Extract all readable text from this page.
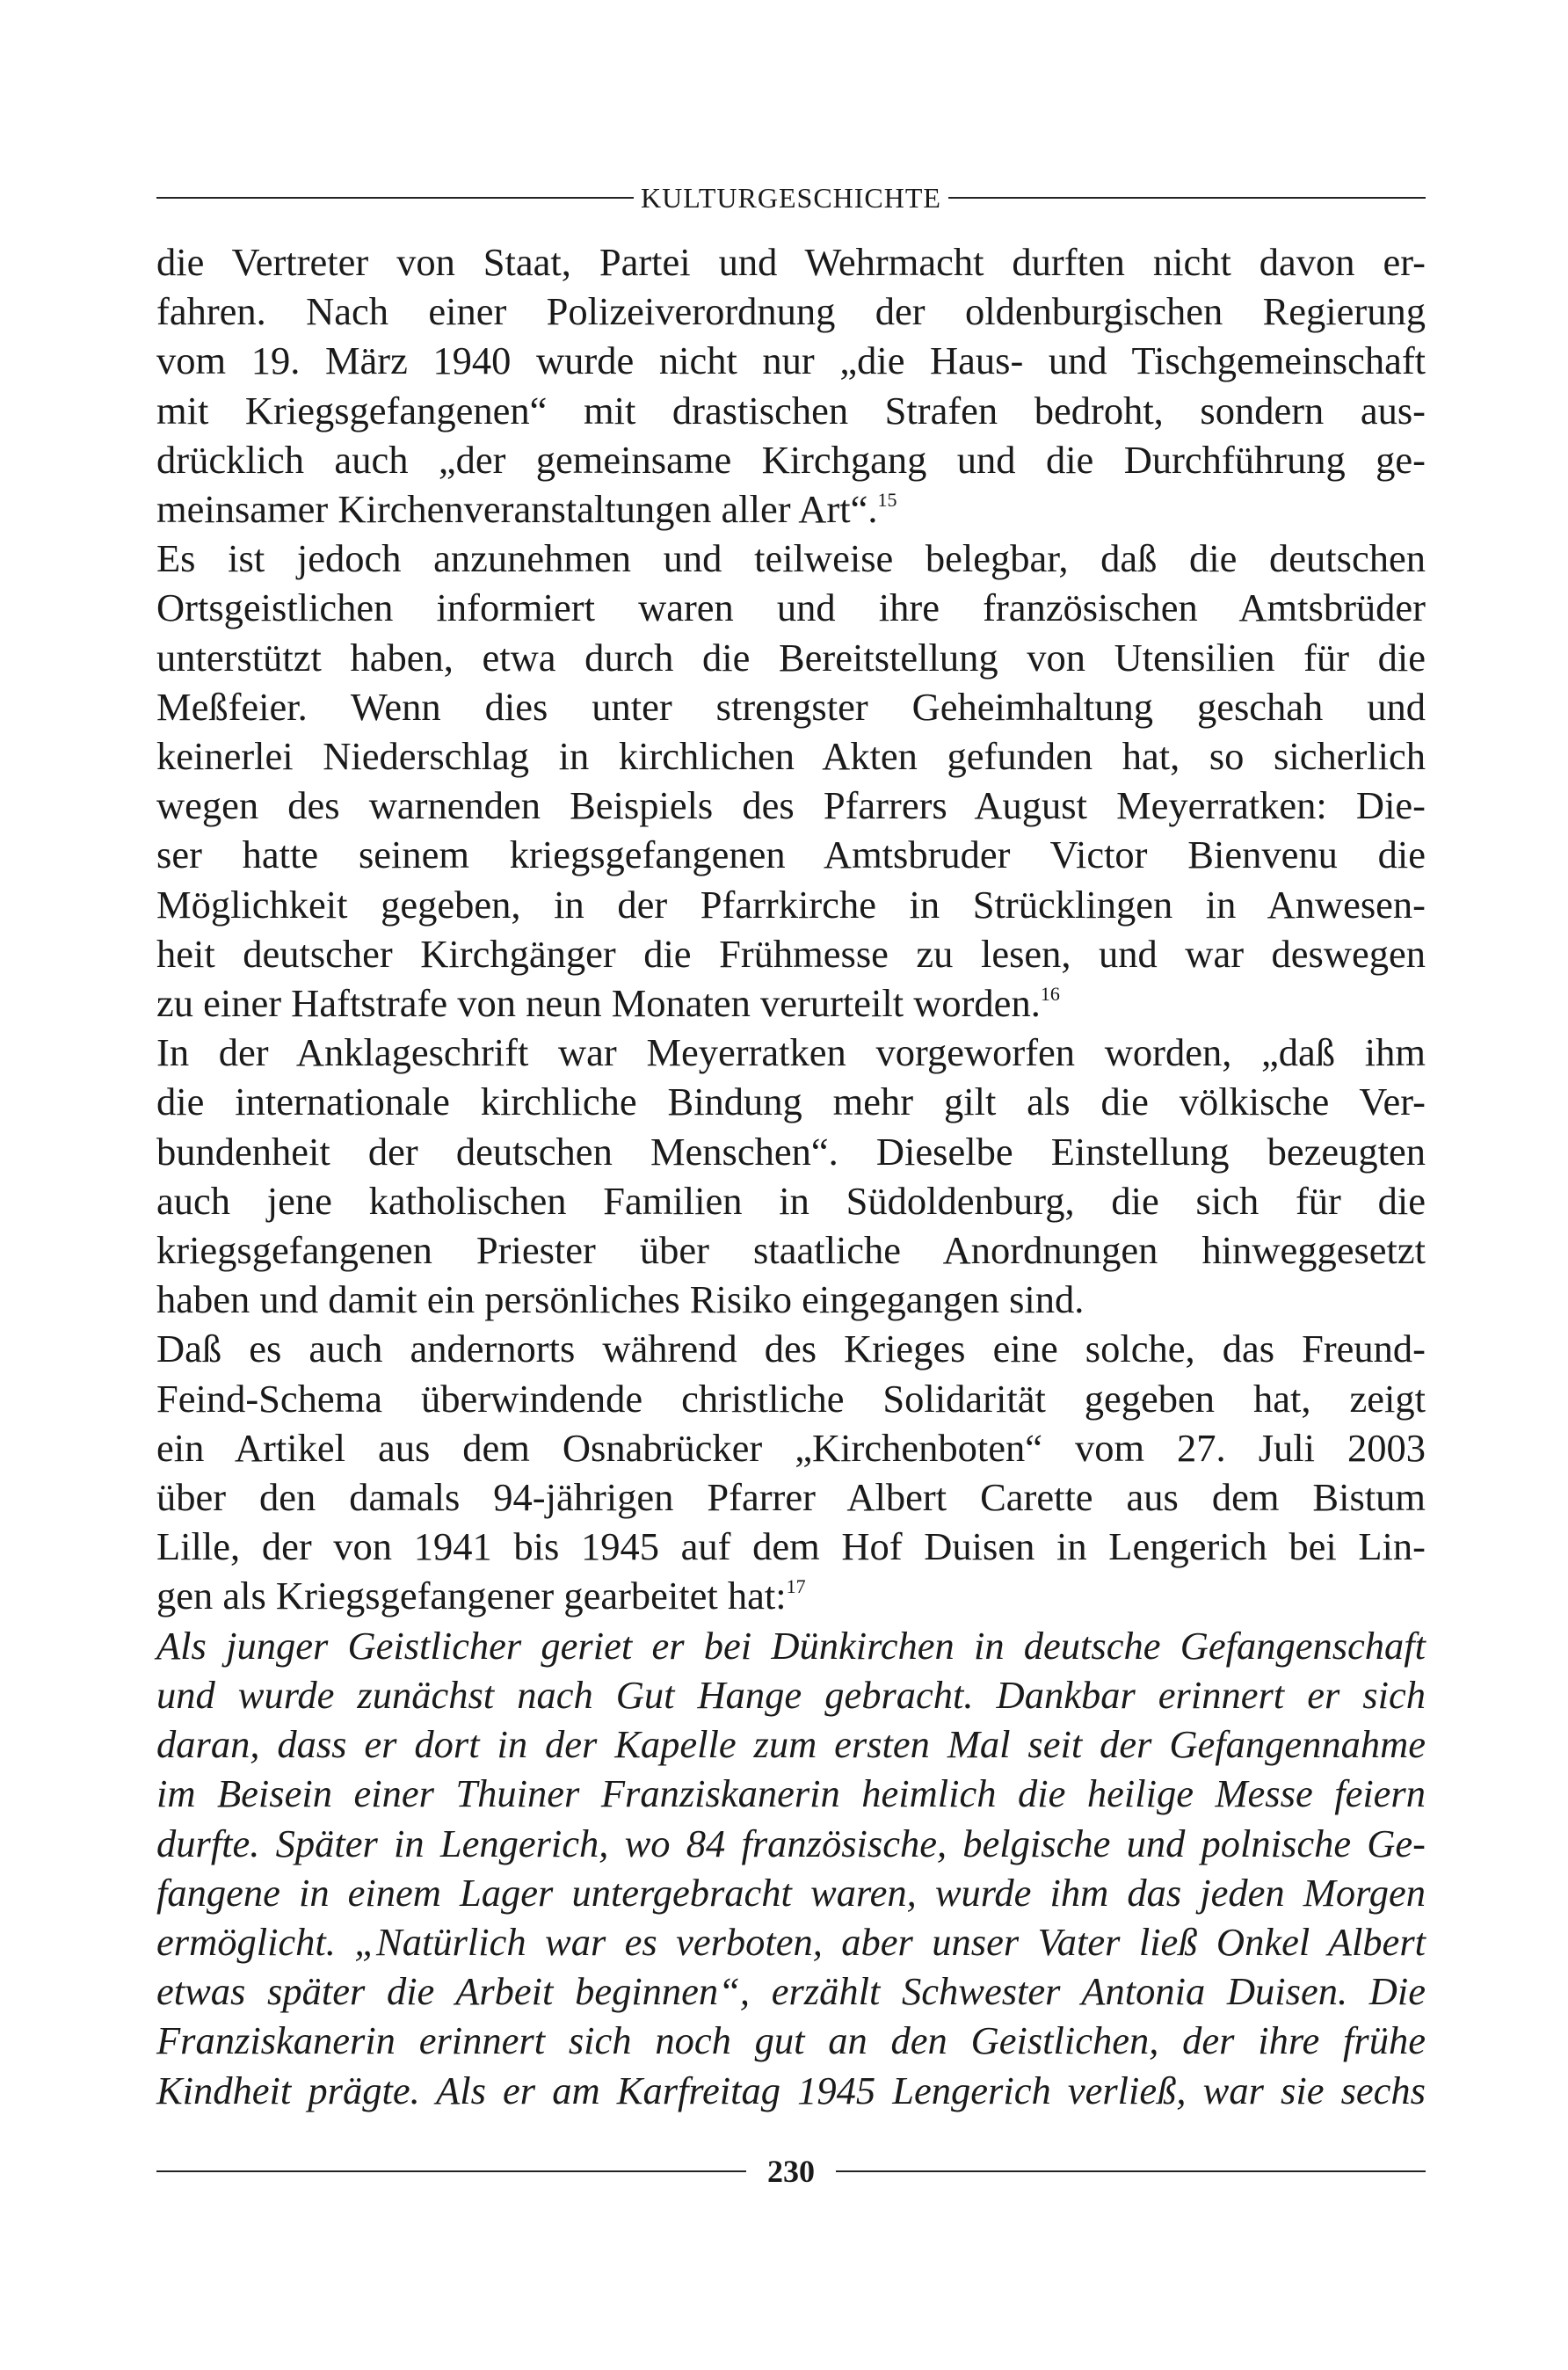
KULTURGESCHICHTE
die Vertreter von Staat, Partei und Wehrmacht durften nicht davon er-
fahren. Nach einer Polizeiverordnung der oldenburgischen Regierung
vom 19. März 1940 wurde nicht nur „die Haus- und Tischgemeinschaft
mit Kriegsgefangenen“ mit drastischen Strafen bedroht, sondern aus-
drücklich auch „der gemeinsame Kirchgang und die Durchführung ge-
meinsamer Kirchenveranstaltungen aller Art“.$^{15}$
Es ist jedoch anzunehmen und teilweise belegbar, daß die deutschen
Ortsgeistlichen informiert waren und ihre französischen Amtsbrüder
unterstützt haben, etwa durch die Bereitstellung von Utensilien für die
Meßfeier. Wenn dies unter strengster Geheimhaltung geschah und
keinerlei Niederschlag in kirchlichen Akten gefunden hat, so sicherlich
wegen des warnenden Beispiels des Pfarrers August Meyerratken: Die-
ser hatte seinem kriegsgefangenen Amtsbruder Victor Bienvenu die
Möglichkeit gegeben, in der Pfarrkirche in Strücklingen in Anwesen-
heit deutscher Kirchgänger die Frühmesse zu lesen, und war deswegen
zu einer Haftstrafe von neun Monaten verurteilt worden.$^{16}$
In der Anklageschrift war Meyerratken vorgeworfen worden, „daß ihm
die internationale kirchliche Bindung mehr gilt als die völkische Ver-
bundenheit der deutschen Menschen“. Dieselbe Einstellung bezeugten
auch jene katholischen Familien in Südoldenburg, die sich für die
kriegsgefangenen Priester über staatliche Anordnungen hinweggesetzt
haben und damit ein persönliches Risiko eingegangen sind.
Daß es auch andernorts während des Krieges eine solche, das Freund-
Feind-Schema überwindende christliche Solidarität gegeben hat, zeigt
ein Artikel aus dem Osnabrücker „Kirchenboten“ vom 27. Juli 2003
über den damals 94-jährigen Pfarrer Albert Carette aus dem Bistum
Lille, der von 1941 bis 1945 auf dem Hof Duisen in Lengerich bei Lin-
gen als Kriegsgefangener gearbeitet hat:$^{17}$
Als junger Geistlicher geriet er bei Dünkirchen in deutsche Gefangenschaft
und wurde zunächst nach Gut Hange gebracht. Dankbar erinnert er sich
daran, dass er dort in der Kapelle zum ersten Mal seit der Gefangennahme
im Beisein einer Thuiner Franziskanerin heimlich die heilige Messe feiern
durfte. Später in Lengerich, wo 84 französische, belgische und polnische Ge-
fangene in einem Lager untergebracht waren, wurde ihm das jeden Morgen
ermöglicht. „Natürlich war es verboten, aber unser Vater ließ Onkel Albert
etwas später die Arbeit beginnen“, erzählt Schwester Antonia Duisen. Die
Franziskanerin erinnert sich noch gut an den Geistlichen, der ihre frühe
Kindheit prägte. Als er am Karfreitag 1945 Lengerich verließ, war sie sechs
230
